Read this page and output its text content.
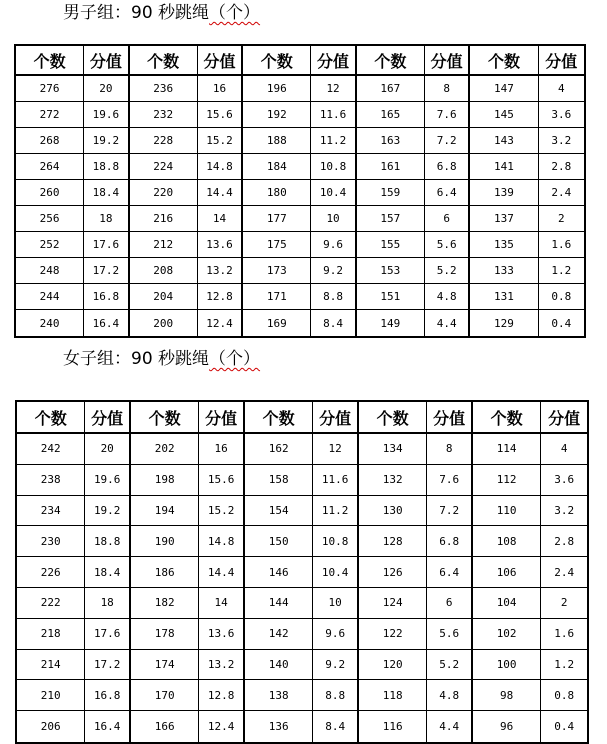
男子组：90 秒跳绳（个）
个数	分值	个数	分值	个数	分值	个数	分值	个数	分值
276	20	236	16	196	12	167	8	147	4
272	19.6	232	15.6	192	11.6	165	7.6	145	3.6
268	19.2	228	15.2	188	11.2	163	7.2	143	3.2
264	18.8	224	14.8	184	10.8	161	6.8	141	2.8
260	18.4	220	14.4	180	10.4	159	6.4	139	2.4
256	18	216	14	177	10	157	6	137	2
252	17.6	212	13.6	175	9.6	155	5.6	135	1.6
248	17.2	208	13.2	173	9.2	153	5.2	133	1.2
244	16.8	204	12.8	171	8.8	151	4.8	131	0.8
240	16.4	200	12.4	169	8.4	149	4.4	129	0.4
女子组：90 秒跳绳（个）
个数	分值	个数	分值	个数	分值	个数	分值	个数	分值
242	20	202	16	162	12	134	8	114	4
238	19.6	198	15.6	158	11.6	132	7.6	112	3.6
234	19.2	194	15.2	154	11.2	130	7.2	110	3.2
230	18.8	190	14.8	150	10.8	128	6.8	108	2.8
226	18.4	186	14.4	146	10.4	126	6.4	106	2.4
222	18	182	14	144	10	124	6	104	2
218	17.6	178	13.6	142	9.6	122	5.6	102	1.6
214	17.2	174	13.2	140	9.2	120	5.2	100	1.2
210	16.8	170	12.8	138	8.8	118	4.8	98	0.8
206	16.4	166	12.4	136	8.4	116	4.4	96	0.4
